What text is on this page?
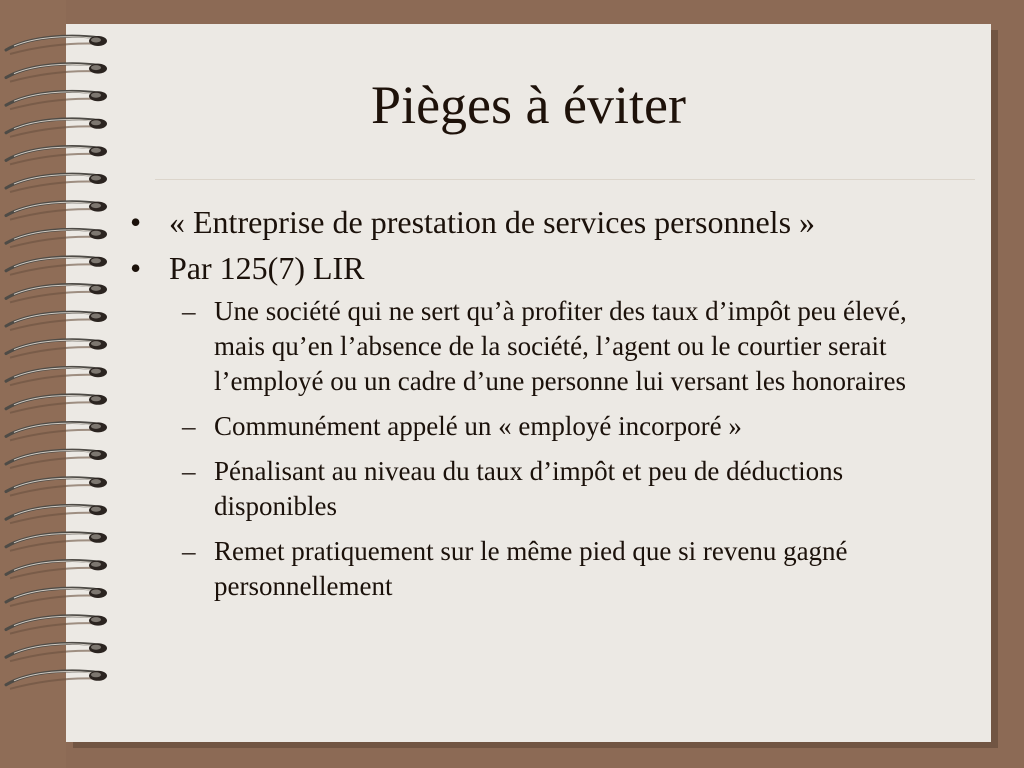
Pièges à éviter
• « Entreprise de prestation de services personnels »
• Par 125(7) LIR
– Une société qui ne sert qu’à profiter des taux d’impôt peu élevé, mais qu’en l’absence de la société, l’agent ou le courtier serait l’employé ou un cadre d’une personne lui versant les honoraires
– Communément appelé un « employé incorporé »
– Pénalisant au niveau du taux d’impôt et peu de déductions disponibles
– Remet pratiquement sur le même pied que si revenu gagné personnellement
